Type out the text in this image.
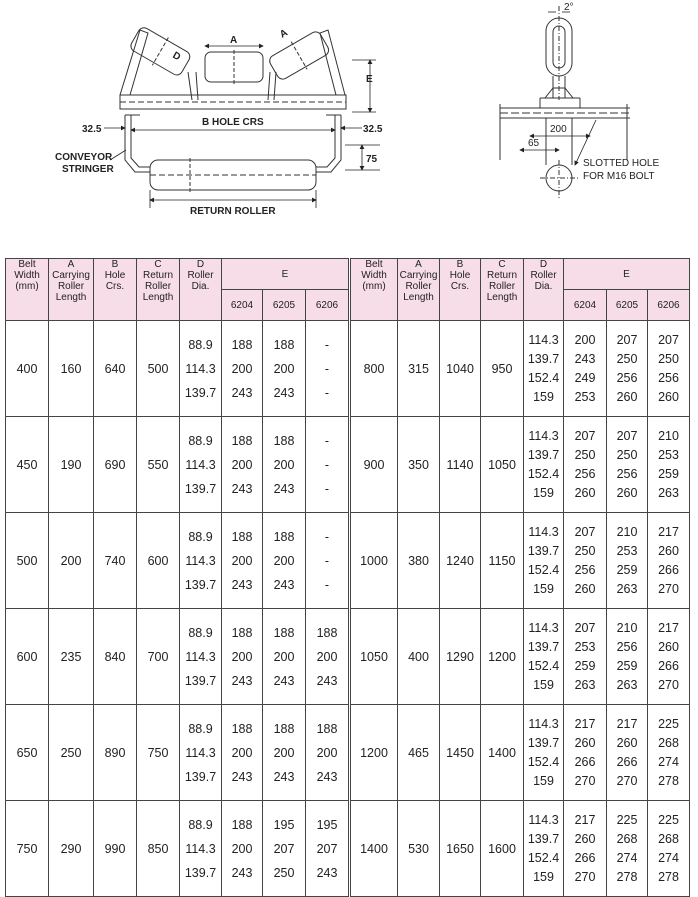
A
D
A
E
B HOLE CRS
32.5	32.5
75
CONVEYOR
STRINGER
RETURN ROLLER
2°
200
65
SLOTTED HOLE
FOR M16 BOLT
Belt
Width
(mm)	A
Carrying
Roller
Length	B
Hole
Crs.	C
Return
Roller
Length	D
Roller
Dia.	E		
					6204	6205	6206
400	160	640	500	88.9
114.3
139.7	188
200
243	188
200
243	-
-
-

450	190	690	550	88.9
114.3
139.7	188
200
243	188
200
243	-
-
-

500	200	740	600	88.9
114.3
139.7	188
200
243	188
200
243	-
-
-

600	235	840	700	88.9
114.3
139.7	188
200
243	188
200
243	188
200
243

650	250	890	750	88.9
114.3
139.7	188
200
243	188
200
243	188
200
243

750	290	990	850	88.9
114.3
139.7	188
200
243	195
207
250	195
207
243
Belt
Width
(mm)	A
Carrying
Roller
Length	B
Hole
Crs.	C
Return
Roller
Length	D
Roller
Dia.	E		
					6204	6205	6206
800	315	1040	950	114.3
139.7
152.4
159	200
243
249
253	207
250
256
260	207
250
256
260

900	350	1140	1050	114.3
139.7
152.4
159	207
250
256
260	207
250
256
260	210
253
259
263

1000	380	1240	1150	114.3
139.7
152.4
159	207
250
256
260	210
253
259
263	217
260
266
270

1050	400	1290	1200	114.3
139.7
152.4
159	207
253
259
263	210
256
259
263	217
260
266
270

1200	465	1450	1400	114.3
139.7
152.4
159	217
260
266
270	217
260
266
270	225
268
274
278

1400	530	1650	1600	114.3
139.7
152.4
159	217
260
266
270	225
268
274
278	225
268
274
278
